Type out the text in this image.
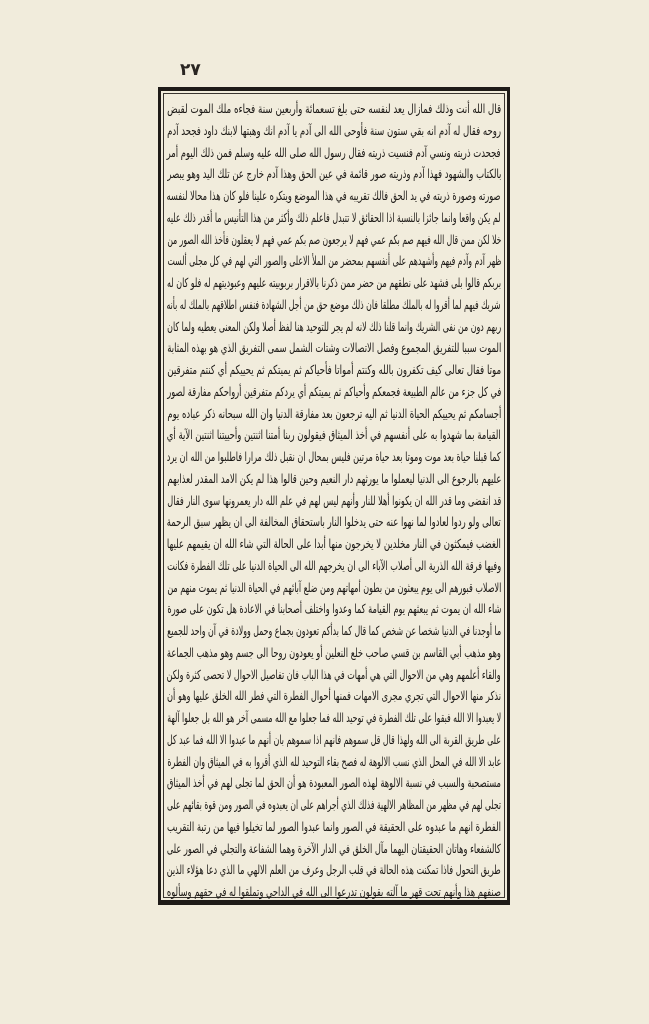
٢٧
قال الله أنت وذلك فمازال يعد لنفسه حتى بلغ تسعمائة وأربعين سنة فجاءه ملك الموت لقبض
روحه فقال له آدم انه بقي ستون سنة فأوحى الله الى آدم يا آدم انك وهبتها لابنك داود فجحد آدم
فجحدت ذريته ونسي آدم فنسيت ذريته فقال رسول الله صلى الله عليه وسلم فمن ذلك اليوم أمر
بالكتاب والشهود فهذا آدم وذريته صور قائمة في عين الحق وهذا آدم خارج عن تلك اليد وهو يبصر
صورته وصورة ذريته في يد الحق فالك تقريبه في هذا الموضع ويتكره علينا فلو كان هذا محالا لنفسه
لم يكن واقعا وانما جائزا بالنسبة اذا الحقائق لا تتبدل فاعلم ذلك وأكثر من هذا التأنيس ما أقدر ذلك عليه
خلا لكن ممن قال الله فيهم صم بكم عمي فهم لا يرجعون صم بكم عمي فهم لا يعقلون فأخذ الله الصور من
ظهر آدم وآدم فيهم وأشهدهم على أنفسهم بمحضر من الملأ الاعلى والصور التي لهم في كل مجلى ألست
بربكم قالوا بلى فشهد على نطقهم من حضر ممن ذكرنا بالاقرار بربوبيته عليهم وعبوديتهم له فلو كان له
شريك فيهم لما أقروا له بالملك مطلقا فان ذلك موضع حق من أجل الشهادة فنفس اطلاقهم بالملك له بأنه
ربهم دون من نفى الشريك وانما قلنا ذلك لانه لم يجر للتوحيد هنا لفظ أصلا ولكن المعنى يعطيه ولما كان
الموت سببا للتفريق المجموع وفصل الاتصالات وشتات الشمل سمى التفريق الذي هو بهذه المثابة
موتا فقال تعالى كيف تكفرون بالله وكنتم أمواتا فأحياكم ثم يميتكم ثم يحييكم أي كنتم متفرقين
في كل جزء من عالم الطبيعة فجمعكم وأحياكم ثم يميتكم أي يردكم متفرقين أرواحكم مفارقة لصور
أجسامكم ثم يحييكم الحياة الدنيا ثم اليه ترجعون بعد مفارقة الدنيا وان الله سبحانه ذكر عباده يوم
القيامة بما شهدوا به على أنفسهم في أخذ الميثاق فيقولون ربنا أمتنا اثنتين وأحييتنا اثنتين الآية أي
كما قبلنا حياة بعد موت وموتا بعد حياة مرتين فليس بمحال ان نقبل ذلك مرارا فاطلبوا من الله ان يرد
عليهم بالرجوع الى الدنيا ليعملوا ما يورثهم دار النعيم وحين قالوا هذا لم يكن الامد المقدر لعذابهم
قد انقضى وما قدر الله ان يكونوا أهلا للنار وأنهم ليس لهم في علم الله دار يعمرونها سوى النار فقال
تعالى ولو ردوا لعادوا لما نهوا عنه حتى يدخلوا النار باستحقاق المخالفة الى ان يظهر سبق الرحمة
الغضب فيمكثون في النار مخلدين لا يخرجون منها أبدا على الحالة التي شاء الله ان يقيمهم عليها
وفيها فرقة الله الذرية الى أصلاب الآباء الى ان يخرجهم الله الى الحياة الدنيا على تلك الفطرة فكانت
الاصلاب قبورهم الى يوم يبعثون من بطون أمهاتهم ومن ضلع آبائهم في الحياة الدنيا ثم يموت منهم من
شاء الله ان يموت ثم يبعثهم يوم القيامة كما وعدوا واختلف أصحابنا في الاعادة هل تكون على صورة
ما أوجدنا في الدنيا شخصا عن شخص كما قال كما بدأكم تعودون بجماع وحمل وولادة في آن واحد للجميع
وهو مذهب أبي القاسم بن قسي صاحب خلع النعلين أو يعودون روحا الى جسم وهو مذهب الجماعة
والقاء أعلمهم وهي من الاحوال التي هي أمهات في هذا الباب فان تفاصيل الاحوال لا تحصى كثرة ولكن
نذكر منها الاحوال التي تجري مجرى الامهات فمنها أحوال الفطرة التي فطر الله الخلق عليها وهو أن
لا يعبدوا الا الله فبقوا على تلك الفطرة في توحيد الله فما جعلوا مع الله مسمى آخر هو الله بل جعلوا آلهة
على طريق القربة الى الله ولهذا قال قل سموهم فانهم اذا سموهم بان أنهم ما عبدوا الا الله فما عبد كل
عابد الا الله في المحل الذي نسب الالوهة له فصح بقاء التوحيد لله الذي أقروا به في الميثاق وان الفطرة
مستصحبة والسبب في نسبة الالوهة لهذه الصور المعبودة هو أن الحق لما تجلى لهم في أخذ الميثاق
تجلى لهم في مظهر من المظاهر الالهية فذلك الذي أجراهم على ان يعبدوه في الصور ومن قوة بقائهم على
الفطرة انهم ما عبدوه على الحقيقة في الصور وانما عبدوا الصور لما تخيلوا فيها من رتبة التقريب
كالشفعاء وهاتان الحقيقتان اليهما مآل الخلق في الدار الآخرة وهما الشفاعة والتجلي في الصور على
طريق التحول فاذا تمكنت هذه الحالة في قلب الرجل وعرف من العلم الالهي ما الذي دعا هؤلاء الذين
صنفهم هذا وأنهم تحت قهر ما آلته يقولون تدرعوا الى الله في الداجي وتملقوا له في حقهم وسألوه
